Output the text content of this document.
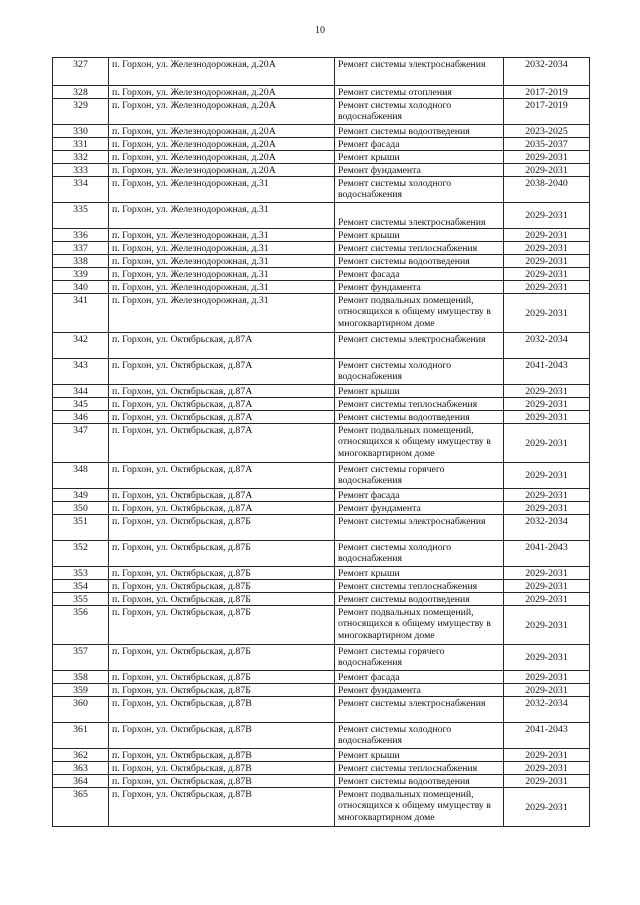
10
327	п. Горхон, ул. Железнодорожная, д.20А	Ремонт системы электроснабжения	2032-2034
328	п. Горхон, ул. Железнодорожная, д.20А	Ремонт системы отопления	2017-2019
329	п. Горхон, ул. Железнодорожная, д.20А	Ремонт системы холодного водоснабжения	2017-2019
330	п. Горхон, ул. Железнодорожная, д.20А	Ремонт системы водоотведения	2023-2025
331	п. Горхон, ул. Железнодорожная, д.20А	Ремонт фасада	2035-2037
332	п. Горхон, ул. Железнодорожная, д.20А	Ремонт крыши	2029-2031
333	п. Горхон, ул. Железнодорожная, д.20А	Ремонт фундамента	2029-2031
334	п. Горхон, ул. Железнодорожная, д.31	Ремонт системы холодного водоснабжения	2038-2040
335	п. Горхон, ул. Железнодорожная, д.31	Ремонт системы электроснабжения	2029-2031
336	п. Горхон, ул. Железнодорожная, д.31	Ремонт крыши	2029-2031
337	п. Горхон, ул. Железнодорожная, д.31	Ремонт системы теплоснабжения	2029-2031
338	п. Горхон, ул. Железнодорожная, д.31	Ремонт системы водоотведения	2029-2031
339	п. Горхон, ул. Железнодорожная, д.31	Ремонт фасада	2029-2031
340	п. Горхон, ул. Железнодорожная, д.31	Ремонт фундамента	2029-2031
341	п. Горхон, ул. Железнодорожная, д.31	Ремонт подвальных помещений, относящихся к общему имуществу в многоквартирном доме	2029-2031
342	п. Горхон, ул. Октябрьская, д.87А	Ремонт системы электроснабжения	2032-2034
343	п. Горхон, ул. Октябрьская, д.87А	Ремонт системы холодного водоснабжения	2041-2043
344	п. Горхон, ул. Октябрьская, д.87А	Ремонт крыши	2029-2031
345	п. Горхон, ул. Октябрьская, д.87А	Ремонт системы теплоснабжения	2029-2031
346	п. Горхон, ул. Октябрьская, д.87А	Ремонт системы водоотведения	2029-2031
347	п. Горхон, ул. Октябрьская, д.87А	Ремонт подвальных помещений, относящихся к общему имуществу в многоквартирном доме	2029-2031
348	п. Горхон, ул. Октябрьская, д.87А	Ремонт системы горячего водоснабжения	2029-2031
349	п. Горхон, ул. Октябрьская, д.87А	Ремонт фасада	2029-2031
350	п. Горхон, ул. Октябрьская, д.87А	Ремонт фундамента	2029-2031
351	п. Горхон, ул. Октябрьская, д.87Б	Ремонт системы электроснабжения	2032-2034
352	п. Горхон, ул. Октябрьская, д.87Б	Ремонт системы холодного водоснабжения	2041-2043
353	п. Горхон, ул. Октябрьская, д.87Б	Ремонт крыши	2029-2031
354	п. Горхон, ул. Октябрьская, д.87Б	Ремонт системы теплоснабжения	2029-2031
355	п. Горхон, ул. Октябрьская, д.87Б	Ремонт системы водоотведения	2029-2031
356	п. Горхон, ул. Октябрьская, д.87Б	Ремонт подвальных помещений, относящихся к общему имуществу в многоквартирном доме	2029-2031
357	п. Горхон, ул. Октябрьская, д.87Б	Ремонт системы горячего водоснабжения	2029-2031
358	п. Горхон, ул. Октябрьская, д.87Б	Ремонт фасада	2029-2031
359	п. Горхон, ул. Октябрьская, д.87Б	Ремонт фундамента	2029-2031
360	п. Горхон, ул. Октябрьская, д.87В	Ремонт системы электроснабжения	2032-2034
361	п. Горхон, ул. Октябрьская, д.87В	Ремонт системы холодного водоснабжения	2041-2043
362	п. Горхон, ул. Октябрьская, д.87В	Ремонт крыши	2029-2031
363	п. Горхон, ул. Октябрьская, д.87В	Ремонт системы теплоснабжения	2029-2031
364	п. Горхон, ул. Октябрьская, д.87В	Ремонт системы водоотведения	2029-2031
365	п. Горхон, ул. Октябрьская, д.87В	Ремонт подвальных помещений, относящихся к общему имуществу в многоквартирном доме	2029-2031
